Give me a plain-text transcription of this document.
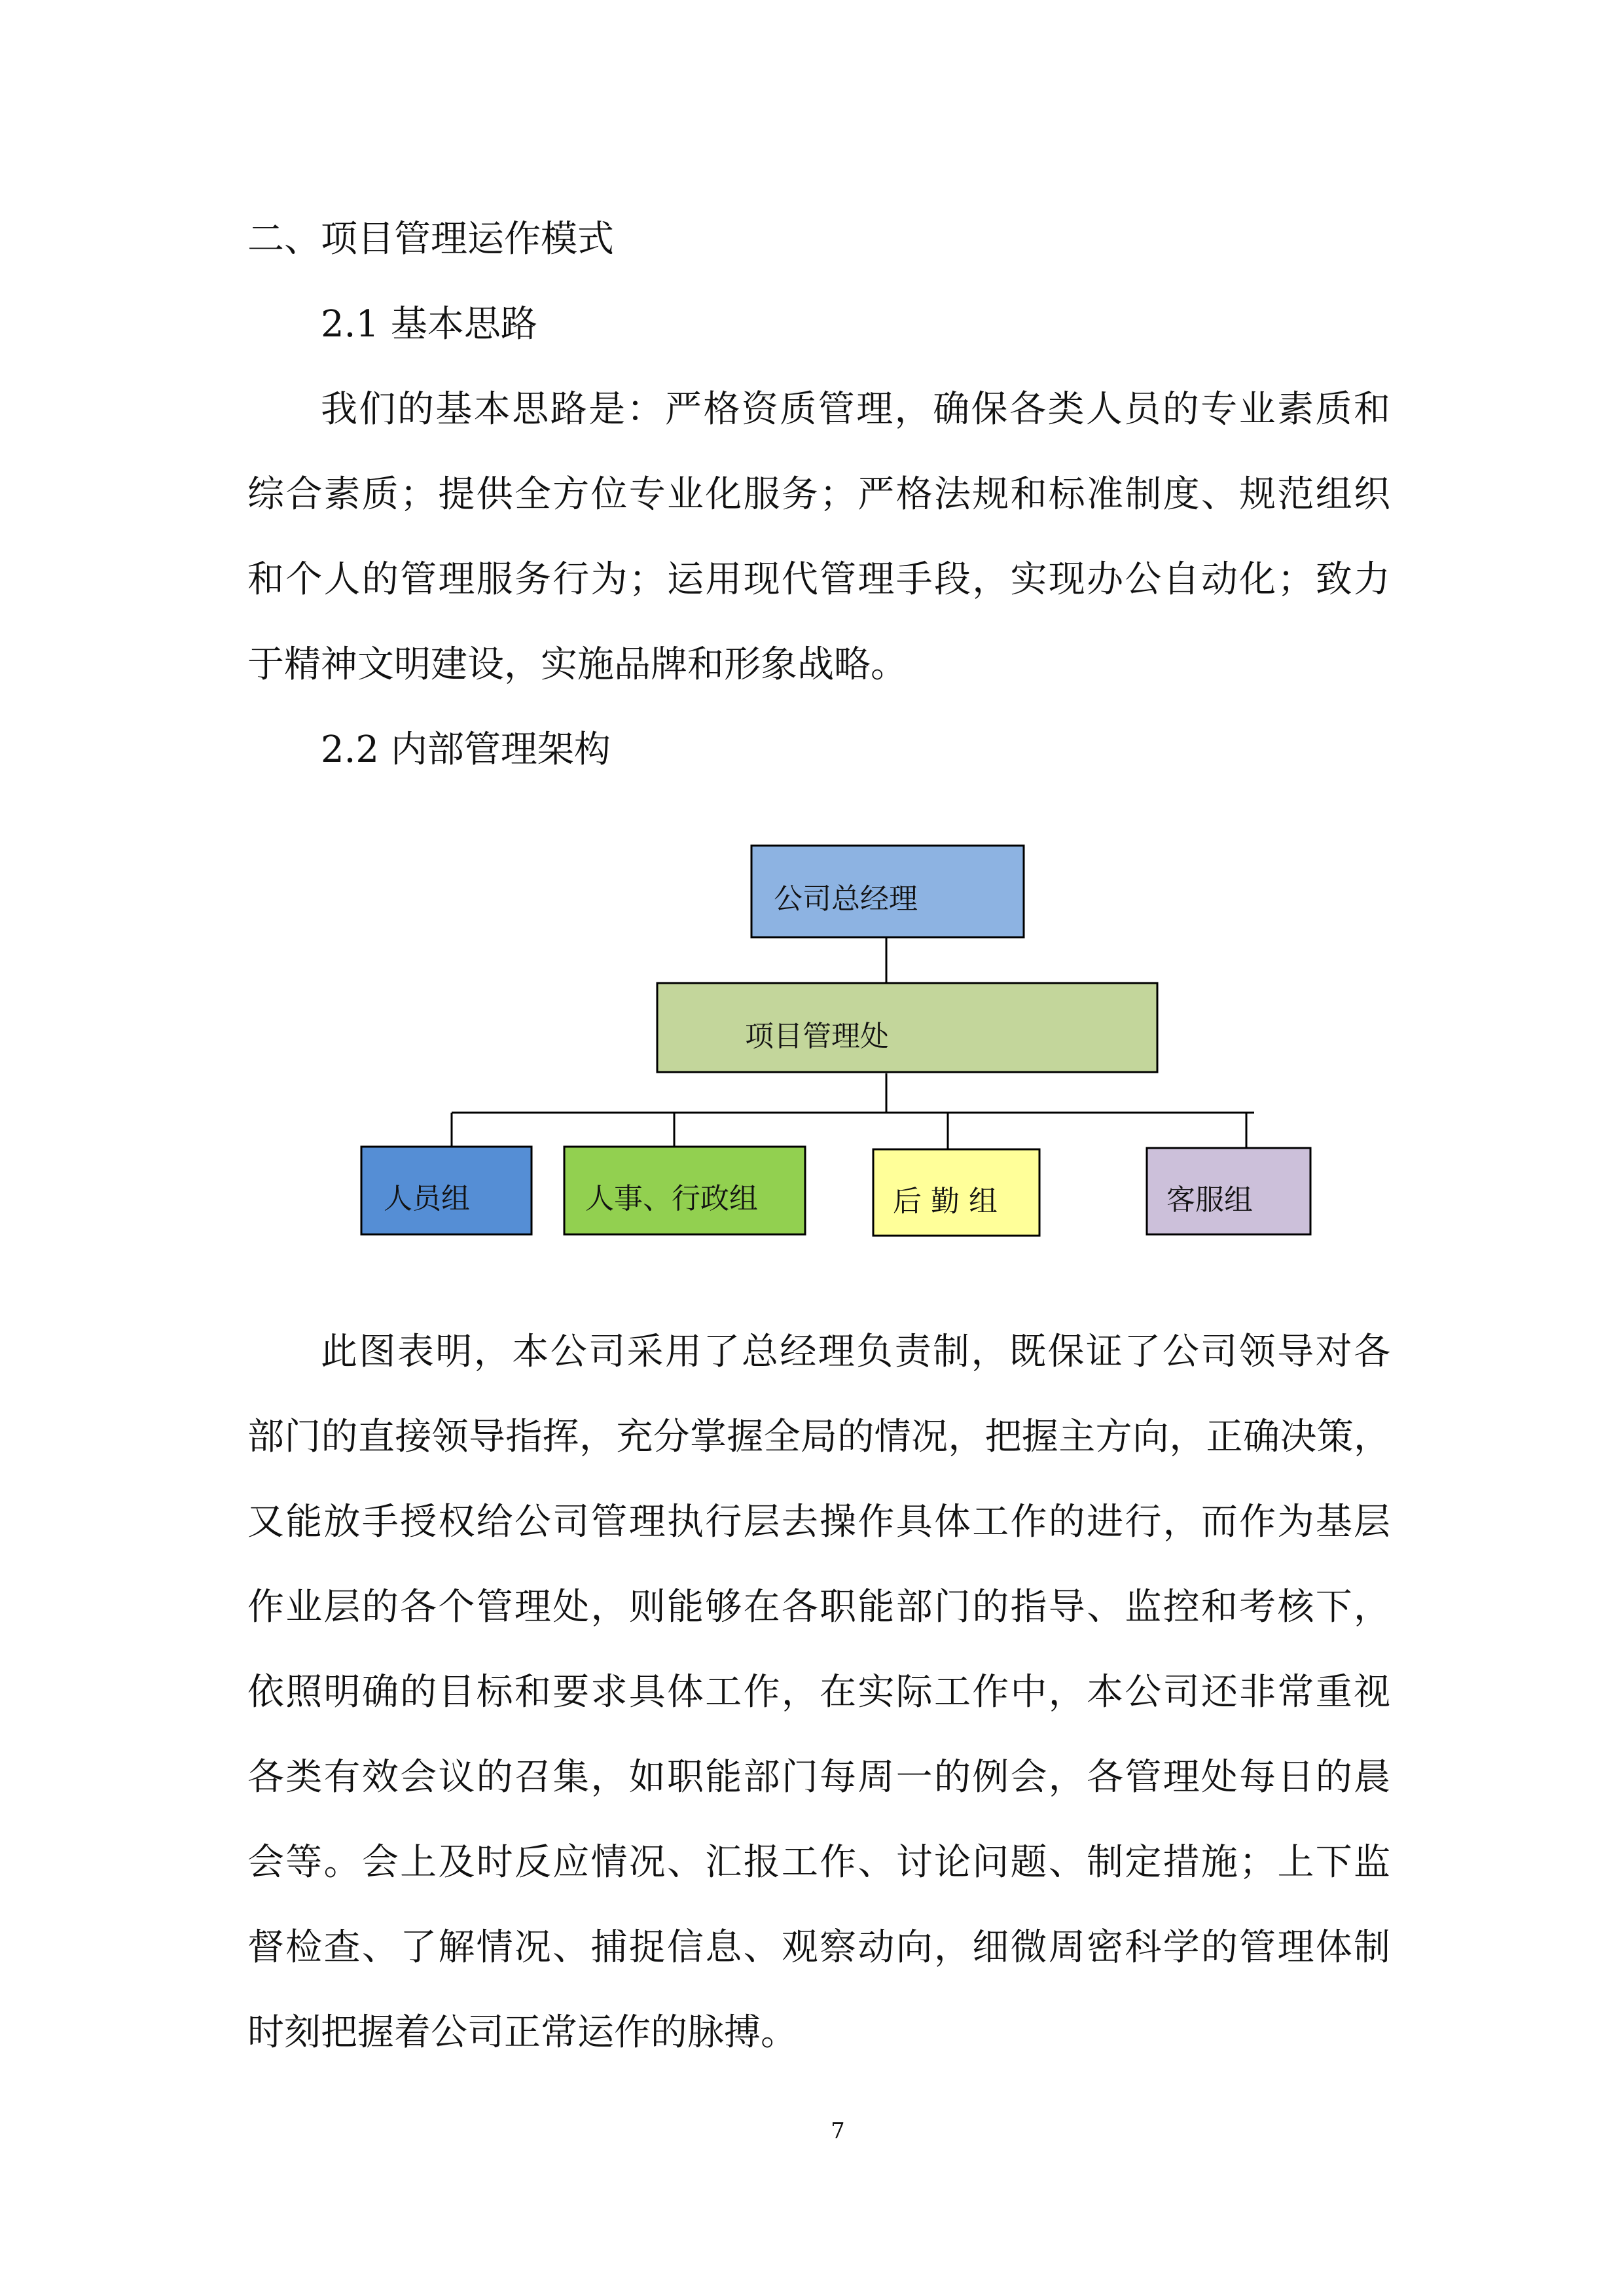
二、项目管理运作模式
2.1 基本思路
我们的基本思路是：严格资质管理，确保各类人员的专业素质和
综合素质；提供全方位专业化服务；严格法规和标准制度、规范组织
和个人的管理服务行为；运用现代管理手段，实现办公自动化；致力
于精神文明建设，实施品牌和形象战略。
2.2 内部管理架构
公司总经理
项目管理处
人员组	人事、行政组	后 勤 组	客服组
此图表明，本公司采用了总经理负责制，既保证了公司领导对各
部门的直接领导指挥，充分掌握全局的情况，把握主方向，正确决策，
又能放手授权给公司管理执行层去操作具体工作的进行，而作为基层
作业层的各个管理处，则能够在各职能部门的指导、监控和考核下，
依照明确的目标和要求具体工作，在实际工作中，本公司还非常重视
各类有效会议的召集，如职能部门每周一的例会，各管理处每日的晨
会等。会上及时反应情况、汇报工作、讨论问题、制定措施；上下监
督检查、了解情况、捕捉信息、观察动向，细微周密科学的管理体制
时刻把握着公司正常运作的脉搏。
7
